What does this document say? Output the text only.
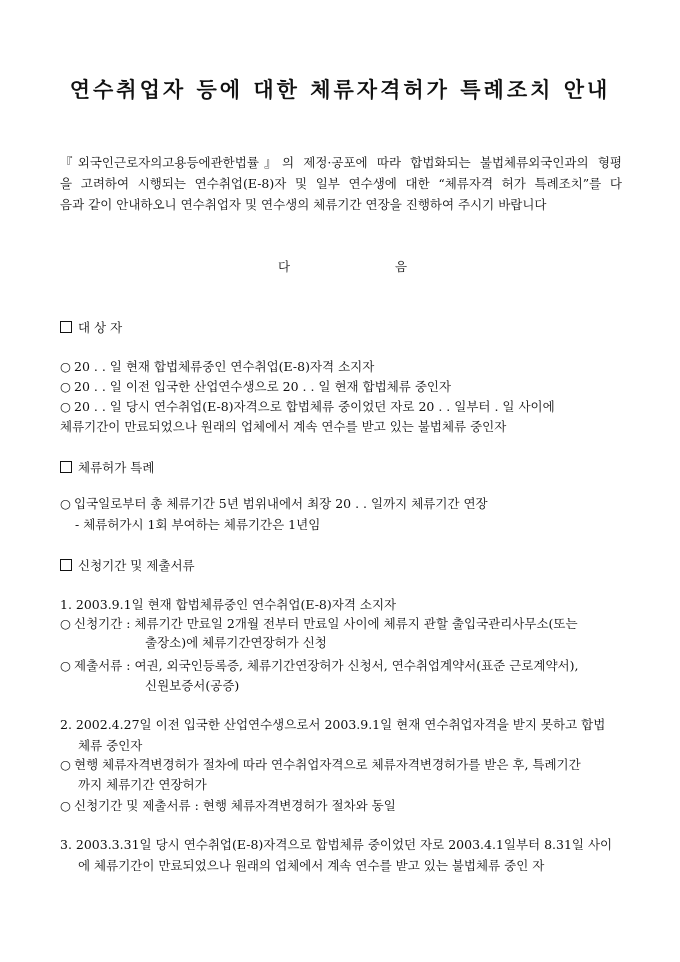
연수취업자 등에 대한 체류자격허가 특례조치 안내
『외국인근로자의고용등에관한법률』의 제정·공포에 따라 합법화되는 불법체류외국인과의 형평
을 고려하여 시행되는 연수취업(E-8)자 및 일부 연수생에 대한 “체류자격 허가 특례조치”를 다
음과 같이 안내하오니 연수취업자 및 연수생의 체류기간 연장을 진행하여 주시기 바랍니다
다	음
대 상 자
○ 20 . . 일 현재 합법체류중인 연수취업(E-8)자격 소지자
○ 20 . . 일 이전 입국한 산업연수생으로 20 . . 일 현재 합법체류 중인자
○ 20 . . 일 당시 연수취업(E-8)자격으로 합법체류 중이었던 자로 20 . . 일부터 . 일 사이에
체류기간이 만료되었으나 원래의 업체에서 계속 연수를 받고 있는 불법체류 중인자
체류허가 특례
○ 입국일로부터 총 체류기간 5년 범위내에서 최장 20 . . 일까지 체류기간 연장
- 체류허가시 1회 부여하는 체류기간은 1년임
신청기간 및 제출서류
1. 2003.9.1일 현재 합법체류중인 연수취업(E-8)자격 소지자
○ 신청기간 : 체류기간 만료일 2개월 전부터 만료일 사이에 체류지 관할 출입국관리사무소(또는
출장소)에 체류기간연장허가 신청
○ 제출서류 : 여권, 외국인등록증, 체류기간연장허가 신청서, 연수취업계약서(표준 근로계약서),
신원보증서(공증)
2. 2002.4.27일 이전 입국한 산업연수생으로서 2003.9.1일 현재 연수취업자격을 받지 못하고 합법
체류 중인자
○ 현행 체류자격변경허가 절차에 따라 연수취업자격으로 체류자격변경허가를 받은 후, 특례기간
까지 체류기간 연장허가
○ 신청기간 및 제출서류 : 현행 체류자격변경허가 절차와 동일
3. 2003.3.31일 당시 연수취업(E-8)자격으로 합법체류 중이었던 자로 2003.4.1일부터 8.31일 사이
에 체류기간이 만료되었으나 원래의 업체에서 계속 연수를 받고 있는 불법체류 중인 자
